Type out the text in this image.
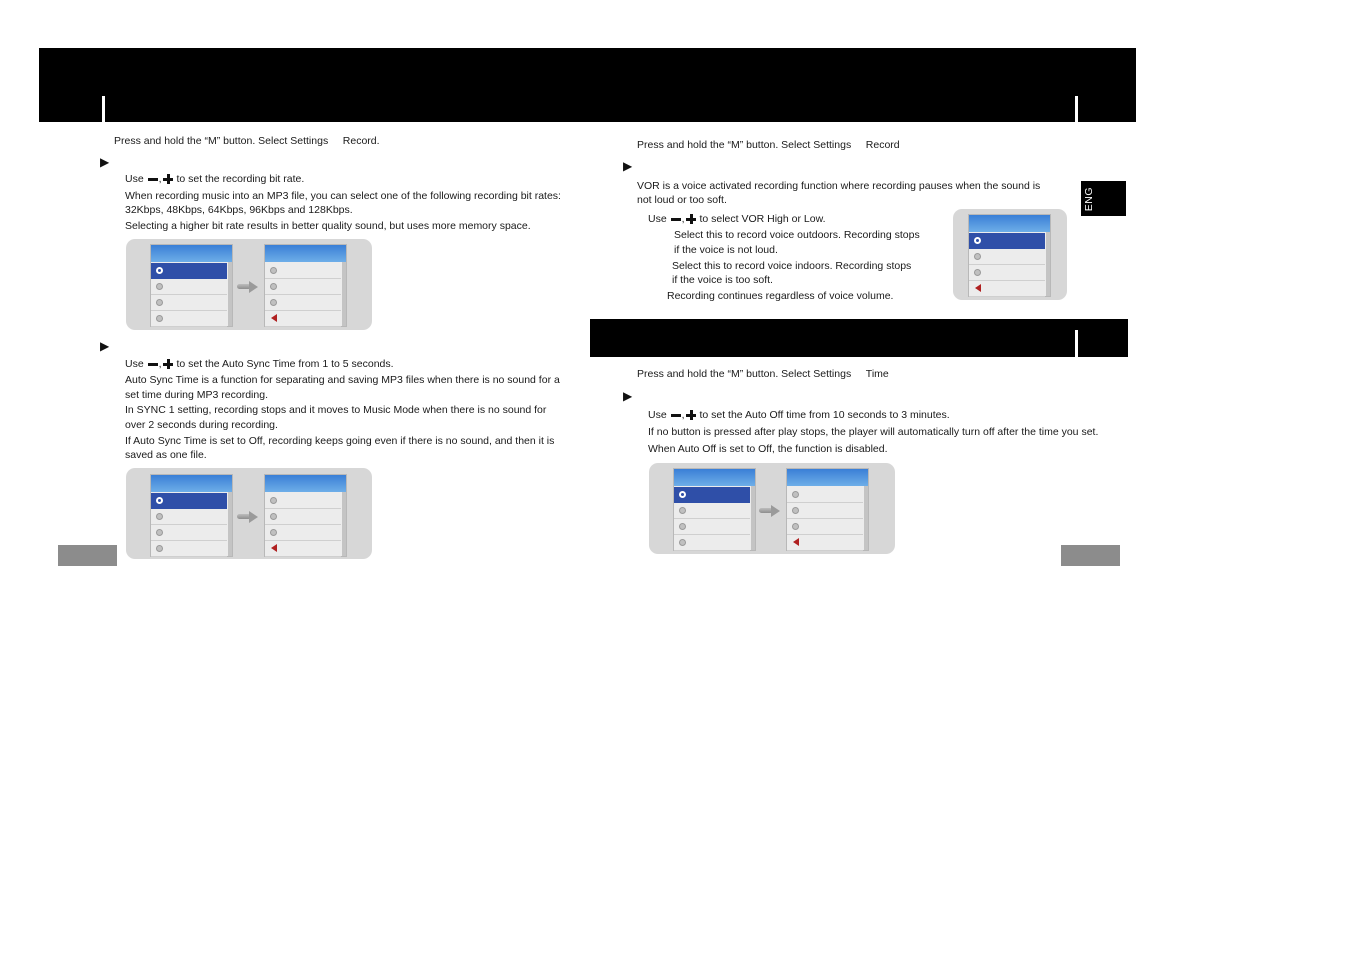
ENG
Press and hold the “M” button. Select Settings Record.
▶
Use , to set the recording bit rate.
When recording music into an MP3 file, you can select one of the following recording bit rates:
32Kbps, 48Kbps, 64Kbps, 96Kbps and 128Kbps.
Selecting a higher bit rate results in better quality sound, but uses more memory space.
▶
Use , to set the Auto Sync Time from 1 to 5 seconds.
Auto Sync Time is a function for separating and saving MP3 files when there is no sound for a
set time during MP3 recording.
In SYNC 1 setting, recording stops and it moves to Music Mode when there is no sound for
over 2 seconds during recording.
If Auto Sync Time is set to Off, recording keeps going even if there is no sound, and then it is
saved as one file.
Press and hold the “M” button. Select Settings Record
▶
VOR is a voice activated recording function where recording pauses when the sound is
not loud or too soft.
Use , to select VOR High or Low.
Select this to record voice outdoors. Recording stops
if the voice is not loud.
Select this to record voice indoors. Recording stops
if the voice is too soft.
Recording continues regardless of voice volume.
Press and hold the “M” button. Select Settings Time
▶
Use , to set the Auto Off time from 10 seconds to 3 minutes.
If no button is pressed after play stops, the player will automatically turn off after the time you set.
When Auto Off is set to Off, the function is disabled.
